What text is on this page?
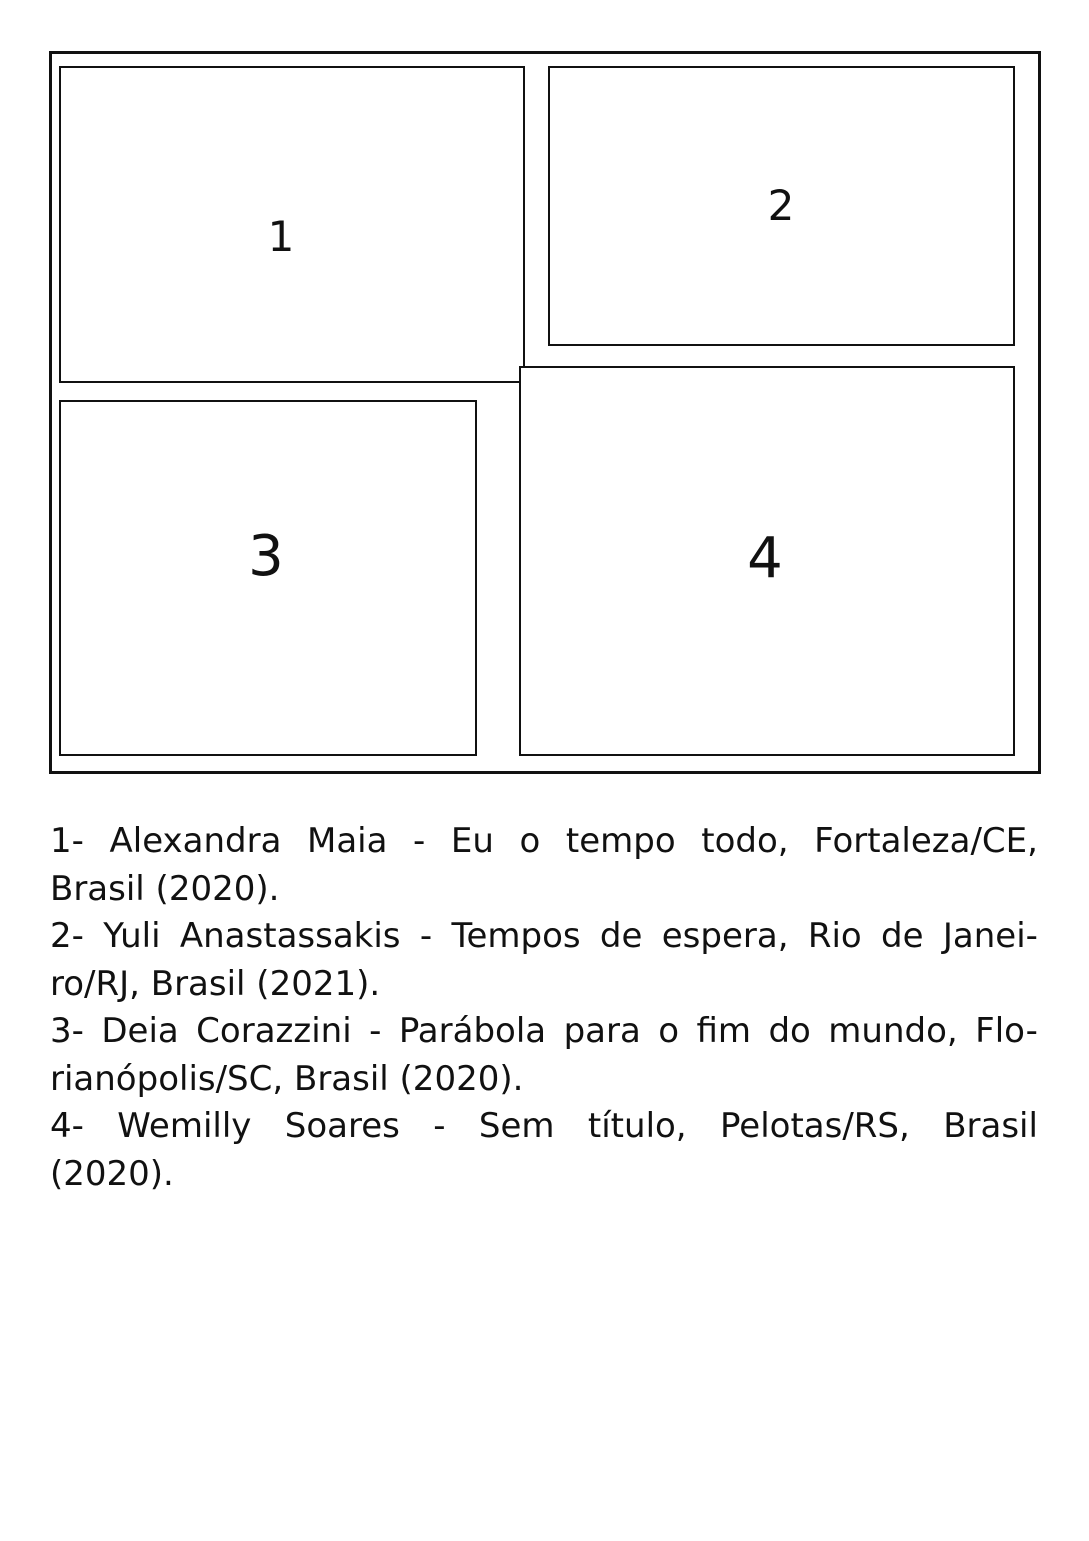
1
2
3	4
1- Alexandra Maia - Eu o tempo todo, Fortaleza/CE,
Brasil (2020).
2- Yuli Anastassakis - Tempos de espera, Rio de Janei-
ro/RJ, Brasil (2021).
3- Deia Corazzini - Parábola para o fim do mundo, Flo-
rianópolis/SC, Brasil (2020).
4- Wemilly Soares - Sem título, Pelotas/RS, Brasil
(2020).
